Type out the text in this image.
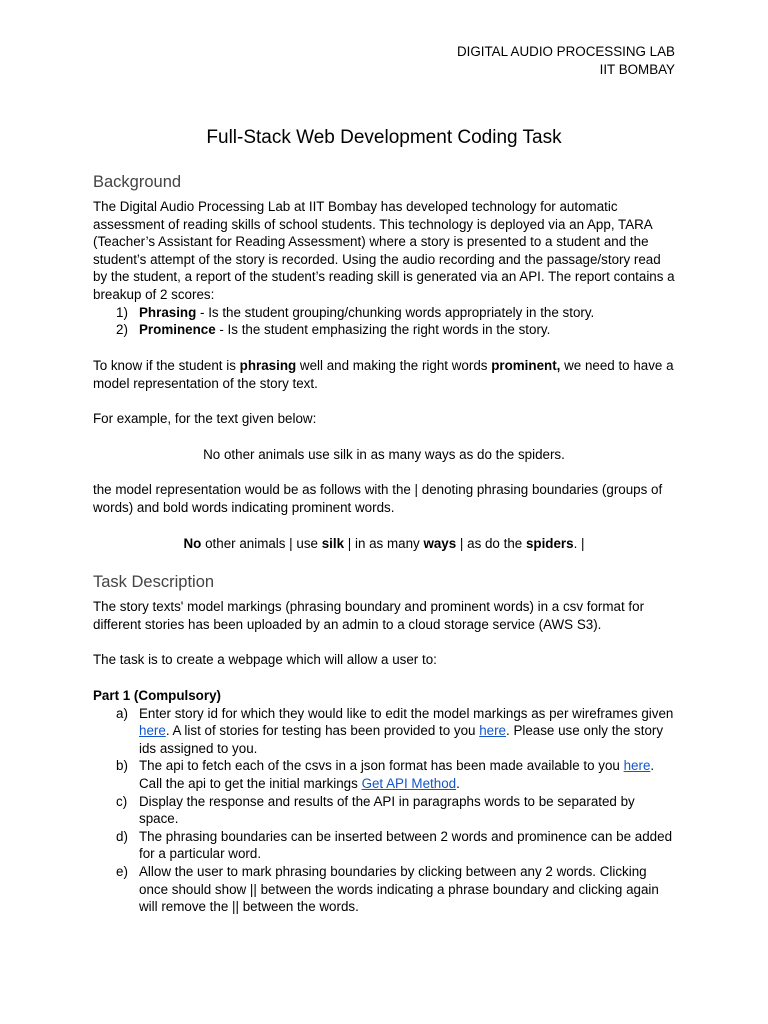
DIGITAL AUDIO PROCESSING LAB
IIT BOMBAY
Full-Stack Web Development Coding Task
Background

The Digital Audio Processing Lab at IIT Bombay has developed technology for automatic assessment of reading skills of school students. This technology is deployed via an App, TARA (Teacher’s Assistant for Reading Assessment) where a story is presented to a student and the student’s attempt of the story is recorded. Using the audio recording and the passage/story read by the student, a report of the student’s reading skill is generated via an API. The report contains a breakup of 2 scores:

1) Phrasing - Is the student grouping/chunking words appropriately in the story.
2) Prominence - Is the student emphasizing the right words in the story.

To know if the student is phrasing well and making the right words prominent, we need to have a model representation of the story text.

For example, for the text given below:
No other animals use silk in as many ways as do the spiders.
the model representation would be as follows with the | denoting phrasing boundaries (groups of words) and bold words indicating prominent words.
No other animals | use silk | in as many ways | as do the spiders. |
Task Description
The story texts' model markings (phrasing boundary and prominent words) in a csv format for different stories has been uploaded by an admin to a cloud storage service (AWS S3).
The task is to create a webpage which will allow a user to:

Part 1 (Compulsory)

a) Enter story id for which they would like to edit the model markings as per wireframes given here. A list of stories for testing has been provided to you here. Please use only the story ids assigned to you.
b) The api to fetch each of the csvs in a json format has been made available to you here. Call the api to get the initial markings Get API Method.
c) Display the response and results of the API in paragraphs words to be separated by space.
d) The phrasing boundaries can be inserted between 2 words and prominence can be added for a particular word.
e) Allow the user to mark phrasing boundaries by clicking between any 2 words. Clicking once should show || between the words indicating a phrase boundary and clicking again will remove the || between the words.
